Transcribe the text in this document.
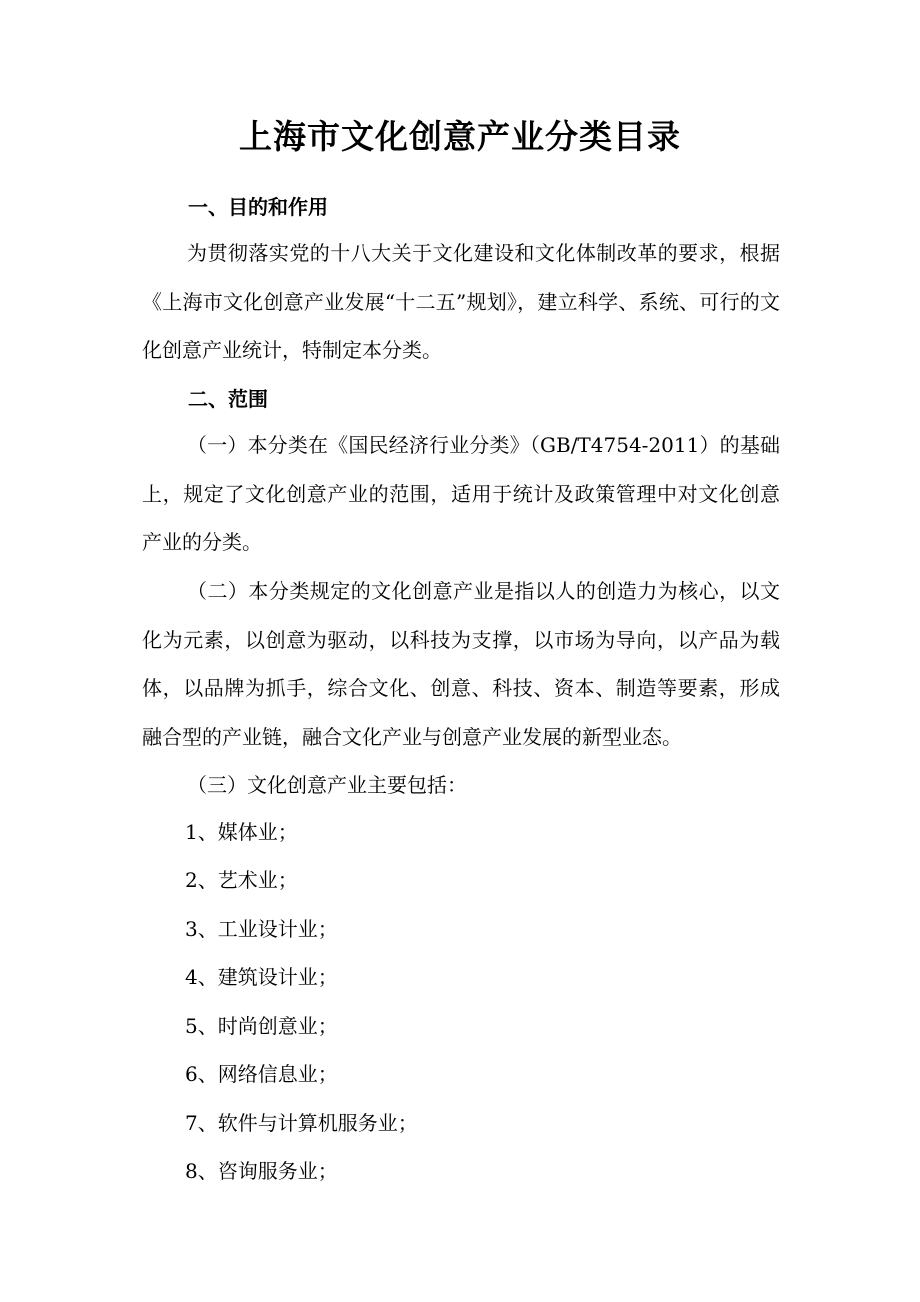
上海市文化创意产业分类目录
一、目的和作用
为贯彻落实党的十八大关于文化建设和文化体制改革的要求，根据《上海市文化创意产业发展“十二五”规划》，建立科学、系统、可行的文化创意产业统计，特制定本分类。
二、范围
（一）本分类在《国民经济行业分类》（GB/T4754-2011）的基础上，规定了文化创意产业的范围，适用于统计及政策管理中对文化创意产业的分类。
（二）本分类规定的文化创意产业是指以人的创造力为核心，以文化为元素，以创意为驱动，以科技为支撑，以市场为导向，以产品为载体，以品牌为抓手，综合文化、创意、科技、资本、制造等要素，形成融合型的产业链，融合文化产业与创意产业发展的新型业态。
（三）文化创意产业主要包括：
1、媒体业；
2、艺术业；
3、工业设计业；
4、建筑设计业；
5、时尚创意业；
6、网络信息业；
7、软件与计算机服务业；
8、咨询服务业；
